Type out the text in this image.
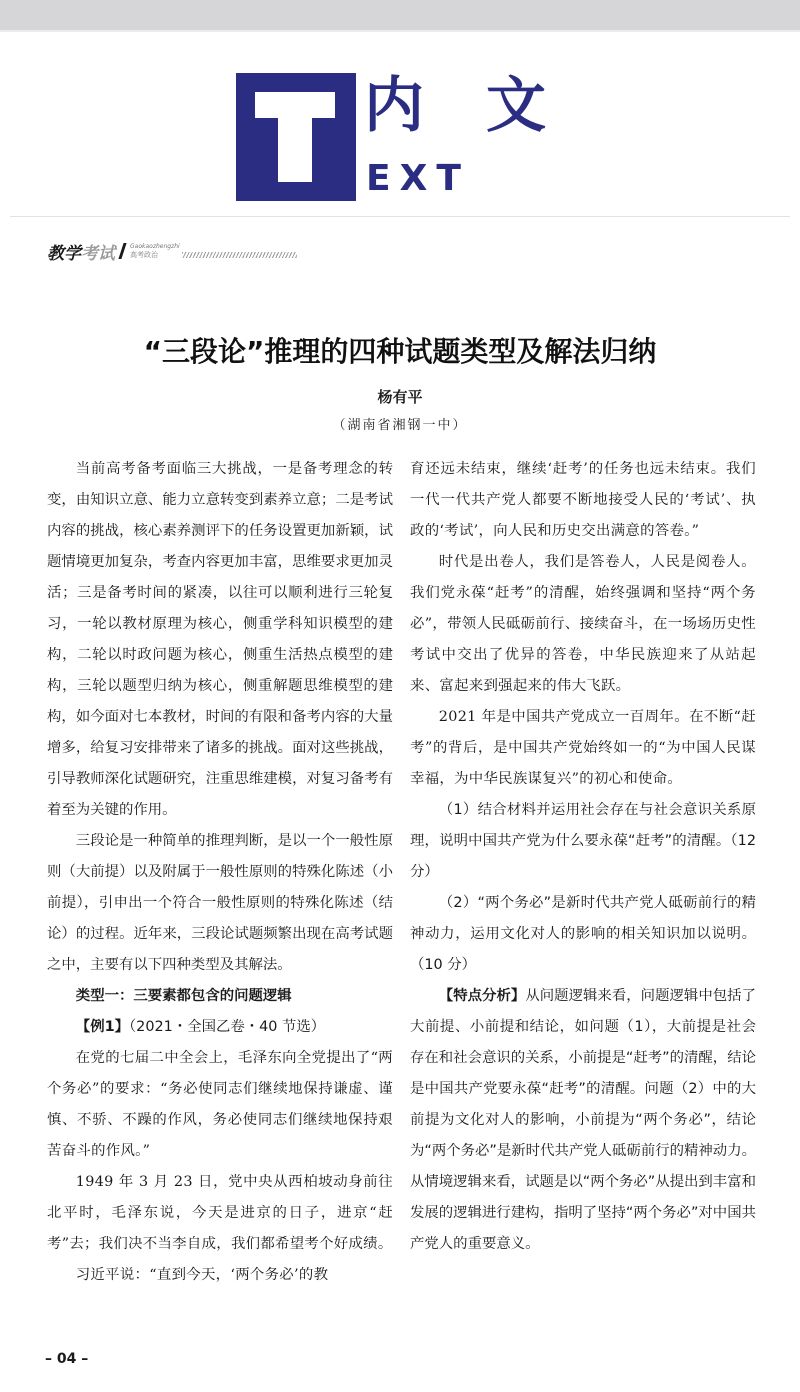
内 文
EXT
教学 考试	Gaokaozhengzhi
高考政治
“三段论”推理的四种试题类型及解法归纳
杨有平
（湖南省湘钢一中）

当前高考备考面临三大挑战，一是备考理念的转变，由知识立意、能力立意转变到素养立意；二是考试内容的挑战，核心素养测评下的任务设置更加新颖，试题情境更加复杂，考查内容更加丰富，思维要求更加灵活；三是备考时间的紧凑，以往可以顺利进行三轮复习，一轮以教材原理为核心，侧重学科知识模型的建构，二轮以时政问题为核心，侧重生活热点模型的建构，三轮以题型归纳为核心，侧重解题思维模型的建构，如今面对七本教材，时间的有限和备考内容的大量增多，给复习安排带来了诸多的挑战。面对这些挑战，引导教师深化试题研究，注重思维建模，对复习备考有着至为关键的作用。

三段论是一种简单的推理判断，是以一个一般性原则（大前提）以及附属于一般性原则的特殊化陈述（小前提），引申出一个符合一般性原则的特殊化陈述（结论）的过程。近年来，三段论试题频繁出现在高考试题之中，主要有以下四种类型及其解法。

类型一：三要素都包含的问题逻辑

【例1】（2021・全国乙卷・40 节选）

在党的七届二中全会上，毛泽东向全党提出了“两个务必”的要求：“务必使同志们继续地保持谦虚、谨慎、不骄、不躁的作风，务必使同志们继续地保持艰苦奋斗的作风。”

1949 年 3 月 23 日，党中央从西柏坡动身前往北平时，毛泽东说，今天是进京的日子，进京“赶考”去；我们决不当李自成，我们都希望考个好成绩。

习近平说：“直到今天，‘两个务必’的教

育还远未结束，继续‘赶考’的任务也远未结束。我们一代一代共产党人都要不断地接受人民的‘考试’、执政的‘考试’，向人民和历史交出满意的答卷。”

时代是出卷人，我们是答卷人，人民是阅卷人。我们党永葆“赶考”的清醒，始终强调和坚持“两个务必”，带领人民砥砺前行、接续奋斗，在一场场历史性考试中交出了优异的答卷，中华民族迎来了从站起来、富起来到强起来的伟大飞跃。

2021 年是中国共产党成立一百周年。在不断“赶考”的背后，是中国共产党始终如一的“为中国人民谋幸福，为中华民族谋复兴”的初心和使命。

（1）结合材料并运用社会存在与社会意识关系原理，说明中国共产党为什么要永葆“赶考”的清醒。（12 分）

（2）“两个务必”是新时代共产党人砥砺前行的精神动力，运用文化对人的影响的相关知识加以说明。（10 分）

【特点分析】从问题逻辑来看，问题逻辑中包括了大前提、小前提和结论，如问题（1），大前提是社会存在和社会意识的关系，小前提是“赶考”的清醒，结论是中国共产党要永葆“赶考”的清醒。问题（2）中的大前提为文化对人的影响，小前提为“两个务必”，结论为“两个务必”是新时代共产党人砥砺前行的精神动力。从情境逻辑来看，试题是以“两个务必”从提出到丰富和发展的逻辑进行建构，指明了坚持“两个务必”对中国共产党人的重要意义。

– 04 –
